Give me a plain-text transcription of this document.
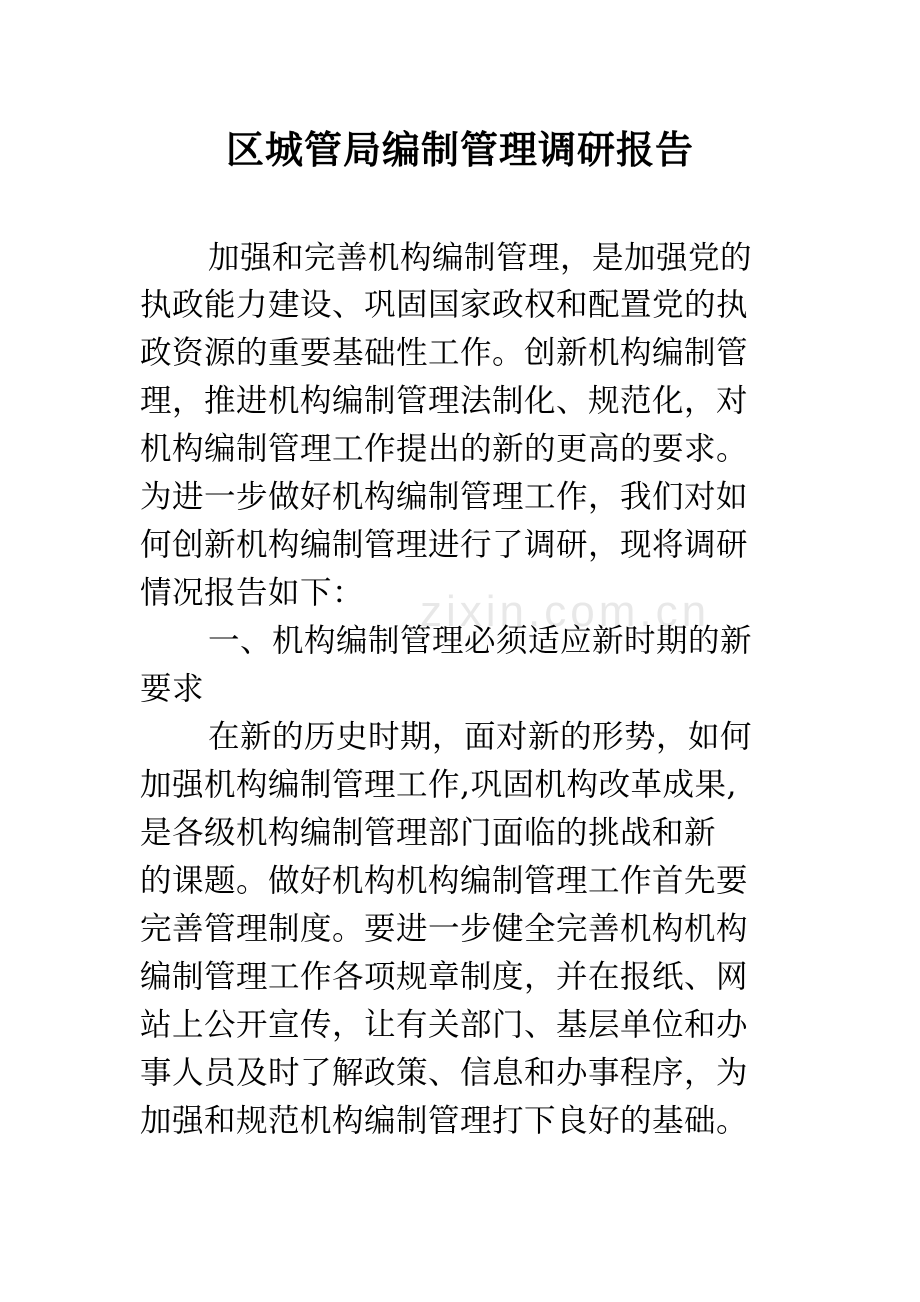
zixin.com.cn
区城管局编制管理调研报告
加强和完善机构编制管理，是加强党的
执政能力建设、巩固国家政权和配置党的执
政资源的重要基础性工作。创新机构编制管
理，推进机构编制管理法制化、规范化，对
机构编制管理工作提出的新的更高的要求。
为进一步做好机构编制管理工作，我们对如
何创新机构编制管理进行了调研，现将调研
情况报告如下：
一、机构编制管理必须适应新时期的新
要求
在新的历史时期，面对新的形势，如何
加强机构编制管理工作,巩固机构改革成果,
是各级机构编制管理部门面临的挑战和新
的课题。做好机构机构编制管理工作首先要
完善管理制度。要进一步健全完善机构机构
编制管理工作各项规章制度，并在报纸、网
站上公开宣传，让有关部门、基层单位和办
事人员及时了解政策、信息和办事程序，为
加强和规范机构编制管理打下良好的基础。
